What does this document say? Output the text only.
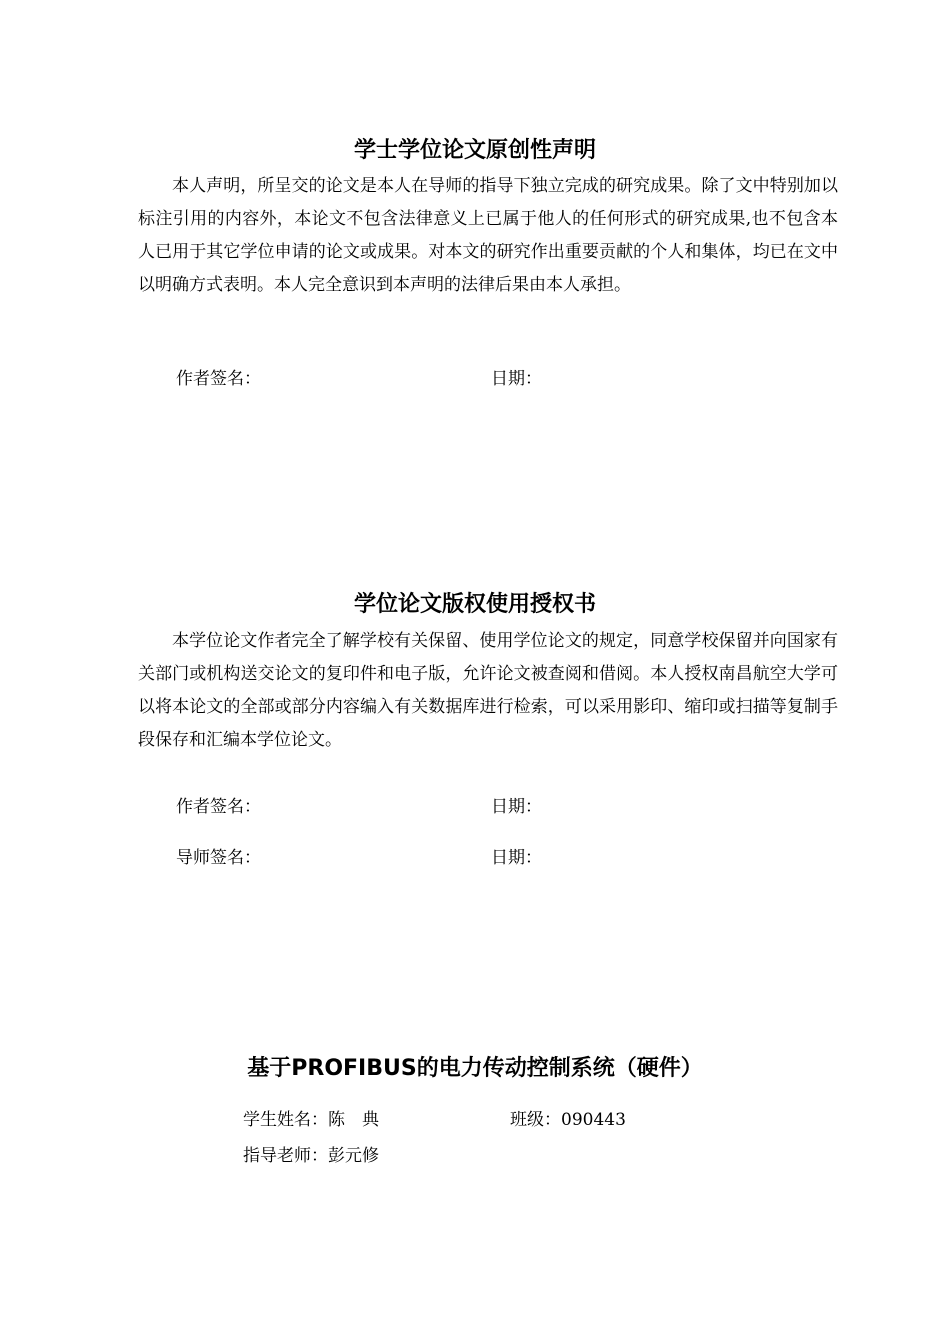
学士学位论文原创性声明

本人声明，所呈交的论文是本人在导师的指导下独立完成的研究成果。除了文中特别加以标注引用的内容外，本论文不包含法律意义上已属于他人的任何形式的研究成果,也不包含本人已用于其它学位申请的论文或成果。对本文的研究作出重要贡献的个人和集体，均已在文中以明确方式表明。本人完全意识到本声明的法律后果由本人承担。

作者签名：	日期：
学位论文版权使用授权书

本学位论文作者完全了解学校有关保留、使用学位论文的规定，同意学校保留并向国家有关部门或机构送交论文的复印件和电子版，允许论文被查阅和借阅。本人授权南昌航空大学可以将本论文的全部或部分内容编入有关数据库进行检索，可以采用影印、缩印或扫描等复制手段保存和汇编本学位论文。

作者签名：	日期：
导师签名：	日期：
基于PROFIBUS的电力传动控制系统（硬件）
学生姓名：陈　典	班级：090443
指导老师：彭元修
